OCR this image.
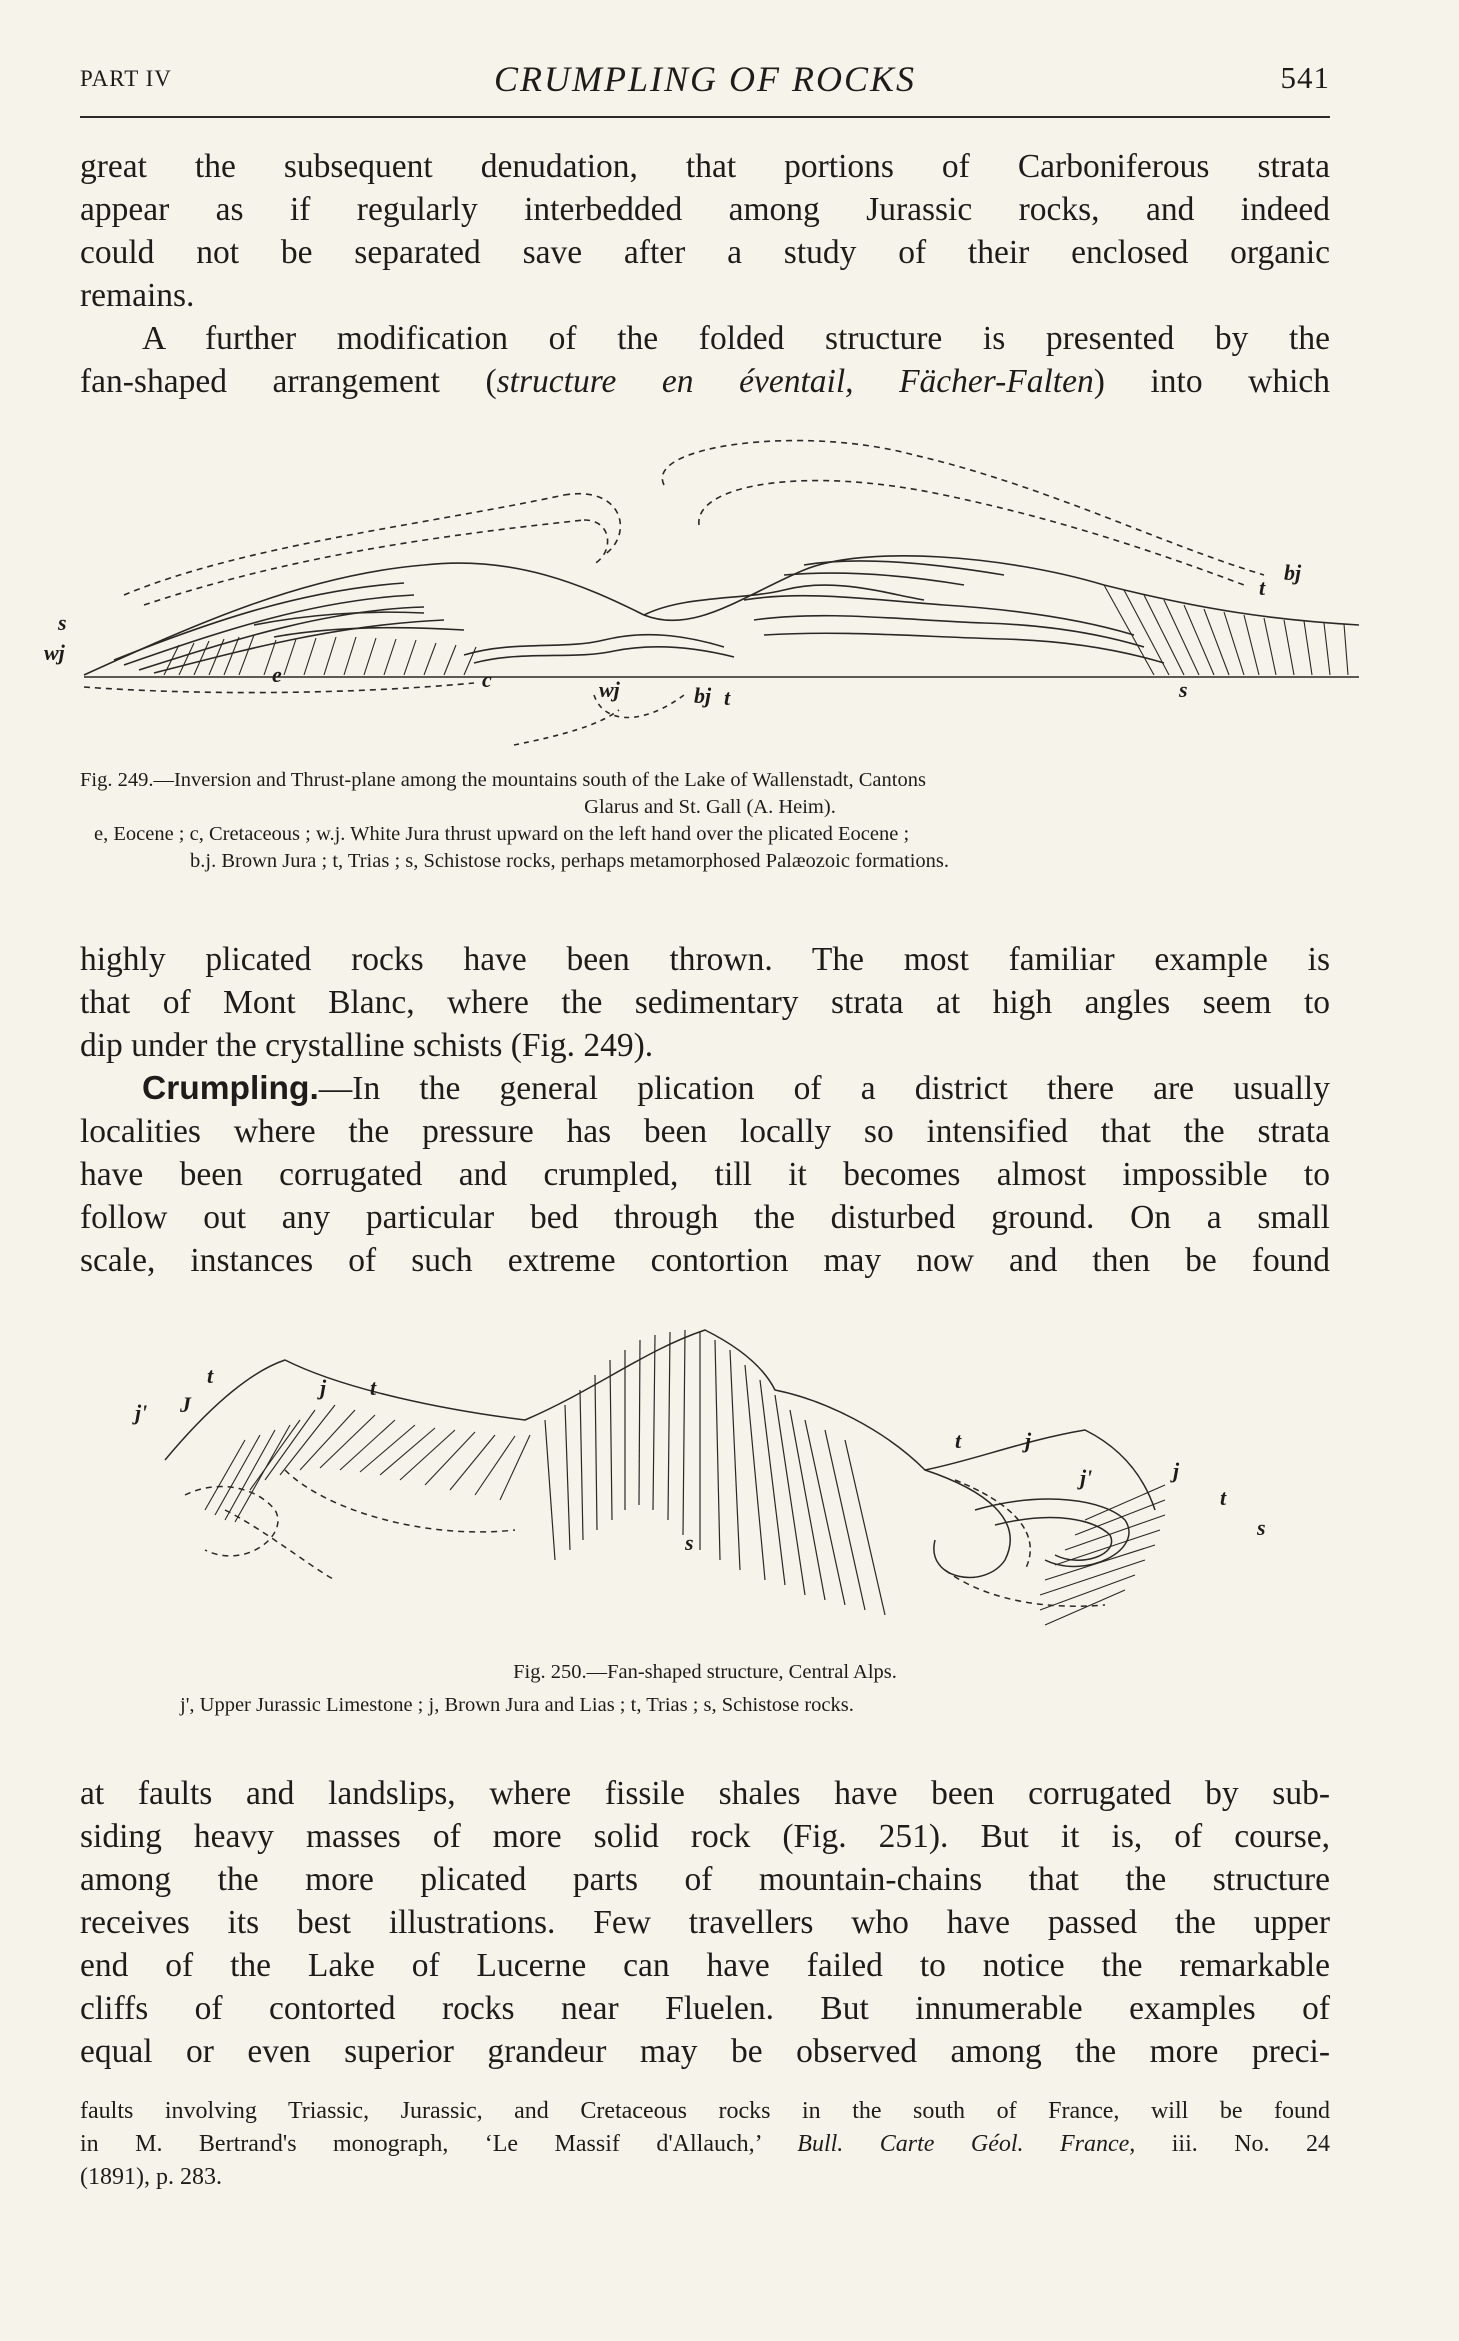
PART IV	CRUMPLING OF ROCKS	541
great the subsequent denudation, that portions of Carboniferous strata
appear as if regularly interbedded among Jurassic rocks, and indeed
could not be separated save after a study of their enclosed organic
remains.
A further modification of the folded structure is presented by the
fan-shaped arrangement (structure en éventail, Fächer-Falten) into which
wj
s
e	c	wj	bj t	s
t
bj
Fig. 249.—Inversion and Thrust-plane among the mountains south of the Lake of Wallenstadt, Cantons
Glarus and St. Gall (A. Heim).
e, Eocene ; c, Cretaceous ; w.j. White Jura thrust upward on the left hand over the plicated Eocene ;
b.j. Brown Jura ; t, Trias ; s, Schistose rocks, perhaps metamorphosed Palæozoic formations.
highly plicated rocks have been thrown. The most familiar example is
that of Mont Blanc, where the sedimentary strata at high angles seem to
dip under the crystalline schists (Fig. 249).
Crumpling.—In the general plication of a district there are usually
localities where the pressure has been locally so intensified that the strata
have been corrugated and crumpled, till it becomes almost impossible to
follow out any particular bed through the disturbed ground. On a small
scale, instances of such extreme contortion may now and then be found
t	j t
j' J
s
t	j
j'	j
t
s
Fig. 250.—Fan-shaped structure, Central Alps.
j', Upper Jurassic Limestone ; j, Brown Jura and Lias ; t, Trias ; s, Schistose rocks.
at faults and landslips, where fissile shales have been corrugated by sub-
siding heavy masses of more solid rock (Fig. 251). But it is, of course,
among the more plicated parts of mountain-chains that the structure
receives its best illustrations. Few travellers who have passed the upper
end of the Lake of Lucerne can have failed to notice the remarkable
cliffs of contorted rocks near Fluelen. But innumerable examples of
equal or even superior grandeur may be observed among the more preci-
faults involving Triassic, Jurassic, and Cretaceous rocks in the south of France, will be found
in M. Bertrand's monograph, ‘Le Massif d'Allauch,’ Bull. Carte Géol. France, iii. No. 24
(1891), p. 283.
